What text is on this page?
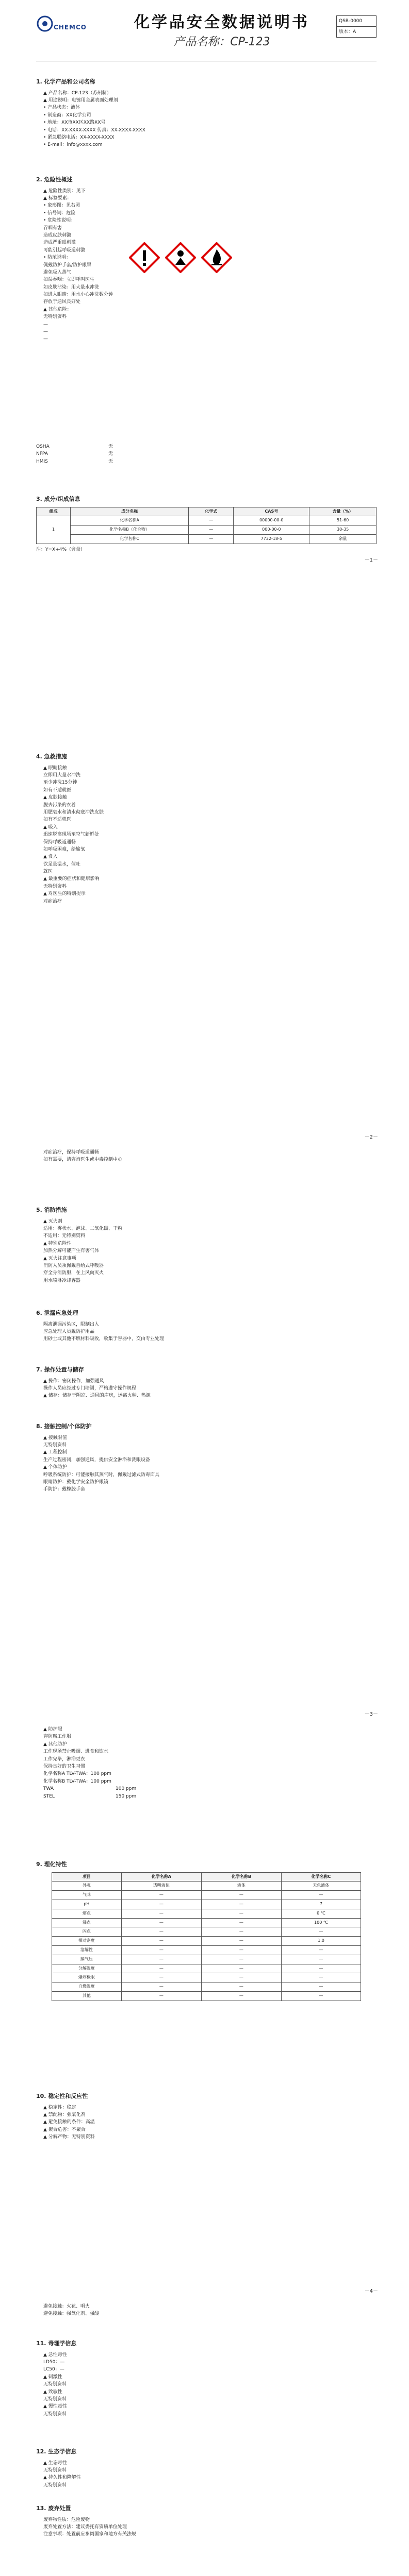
CHEMCO	化学品安全数据说明书
产品名称：CP-123
QSB-0000
版本：A
1. 化学产品和公司名称

▲ 产品名称：CP-123（苏州制）

▲ 用途说明：电镀用金属表面处理剂

• 产品状态：液体

• 制造商：XX化学公司

• 地址：XX市XX区XX路XX号

• 电话：XX-XXXX-XXXX 传真：XX-XXXX-XXXX

• 紧急联络电话：XX-XXXX-XXXX

• E-mail：info@xxxx.com

2. 危险性概述

▲ 危险性类别：见下

▲ 标签要素：

• 象形图：见右图

• 信号词：危险

• 危险性说明：

吞咽有害

造成皮肤刺激

造成严重眼刺激

可能引起呼吸道刺激

• 防范说明：

佩戴防护手套/防护眼罩

避免吸入蒸气

如误吞咽：立即呼叫医生

如皮肤沾染：用大量水冲洗

如进入眼睛：用水小心冲洗数分钟

存放于通风良好处

▲ 其他危险：

无特别资料

—

—

—

OSHA	无
NFPA	无
HMIS	无
3. 成分/组成信息
组成	成分名称	化学式	CAS号	含量（%）
1	化学名称A	—	00000-00-0	51-60
	化学名称B（化合物）	—	000-00-0	30-35
	化学名称C	—	7732-18-5	余量

注：Y=X+4%（含量）

－1－
4. 急救措施

▲ 眼睛接触

立即用大量水冲洗

至少冲洗15分钟

如有不适就医

▲ 皮肤接触

脱去污染的衣着

用肥皂水和清水彻底冲洗皮肤

如有不适就医

▲ 吸入

迅速脱离现场至空气新鲜处

保持呼吸道通畅

如呼吸困难，给输氧

▲ 食入

饮足量温水，催吐

就医

▲ 最重要的症状和健康影响

无特别资料

▲ 对医生的特别提示

对症治疗

－2－

对症治疗，保持呼吸道通畅

如有需要，请咨询医生或中毒控制中心

5. 消防措施

▲ 灭火剂

适用：雾状水、泡沫、二氧化碳、干粉

不适用：无特别资料

▲ 特别危险性

加热分解可能产生有害气体

▲ 灭火注意事项

消防人员须佩戴自给式呼吸器

穿全身消防服，在上风向灭火

用水喷淋冷却容器

6. 泄漏应急处理

隔离泄漏污染区，限制出入

应急处理人员戴防护用品

用砂土或其他不燃材料吸收，收集于容器中，交由专业处理

7. 操作处置与储存

▲ 操作：密闭操作，加强通风

操作人员应经过专门培训，严格遵守操作规程

▲ 储存：储存于阴凉、通风的库房，远离火种、热源

8. 接触控制/个体防护

▲ 接触限值

无特别资料

▲ 工程控制

生产过程密闭，加强通风，提供安全淋浴和洗眼设备

▲ 个体防护

呼吸系统防护：可能接触其蒸气时，佩戴过滤式防毒面具

眼睛防护：戴化学安全防护眼镜

手防护：戴橡胶手套

－3－

▲ 防护服

穿防腐工作服

▲ 其他防护

工作现场禁止吸烟、进食和饮水

工作完毕，淋浴更衣

保持良好的卫生习惯

化学名称A TLV-TWA：100 ppm

化学名称B TLV-TWA：100 ppm

TWA	100 ppm
STEL	150 ppm
9. 理化特性
项目	化学名称A	化学名称B	化学名称C
外观	透明液体	液体	无色液体
气味	—	—	—
pH	—	—	7
熔点	—	—	0 ℃
沸点	—	—	100 ℃
闪点	—	—	—
相对密度	—	—	1.0
溶解性	—	—	—
蒸气压	—	—	—
分解温度	—	—	—
爆炸极限	—	—	—
自燃温度	—	—	—
其他	—	—	—
10. 稳定性和反应性

▲ 稳定性：稳定

▲ 禁配物：强氧化剂

▲ 避免接触的条件：高温

▲ 聚合危害：不聚合

▲ 分解产物：无特别资料

－4－

避免接触：火花、明火

避免接触：强氧化剂、强酸

11. 毒理学信息

▲ 急性毒性

LD50：—

LC50：—

▲ 刺激性

无特别资料

▲ 致敏性

无特别资料

▲ 慢性毒性

无特别资料

12. 生态学信息

▲ 生态毒性

无特别资料

▲ 持久性和降解性

无特别资料

13. 废弃处置

废弃物性质：危险废物

废弃处置方法：建议委托有资质单位处理

注意事项：处置前应参阅国家和地方有关法规
